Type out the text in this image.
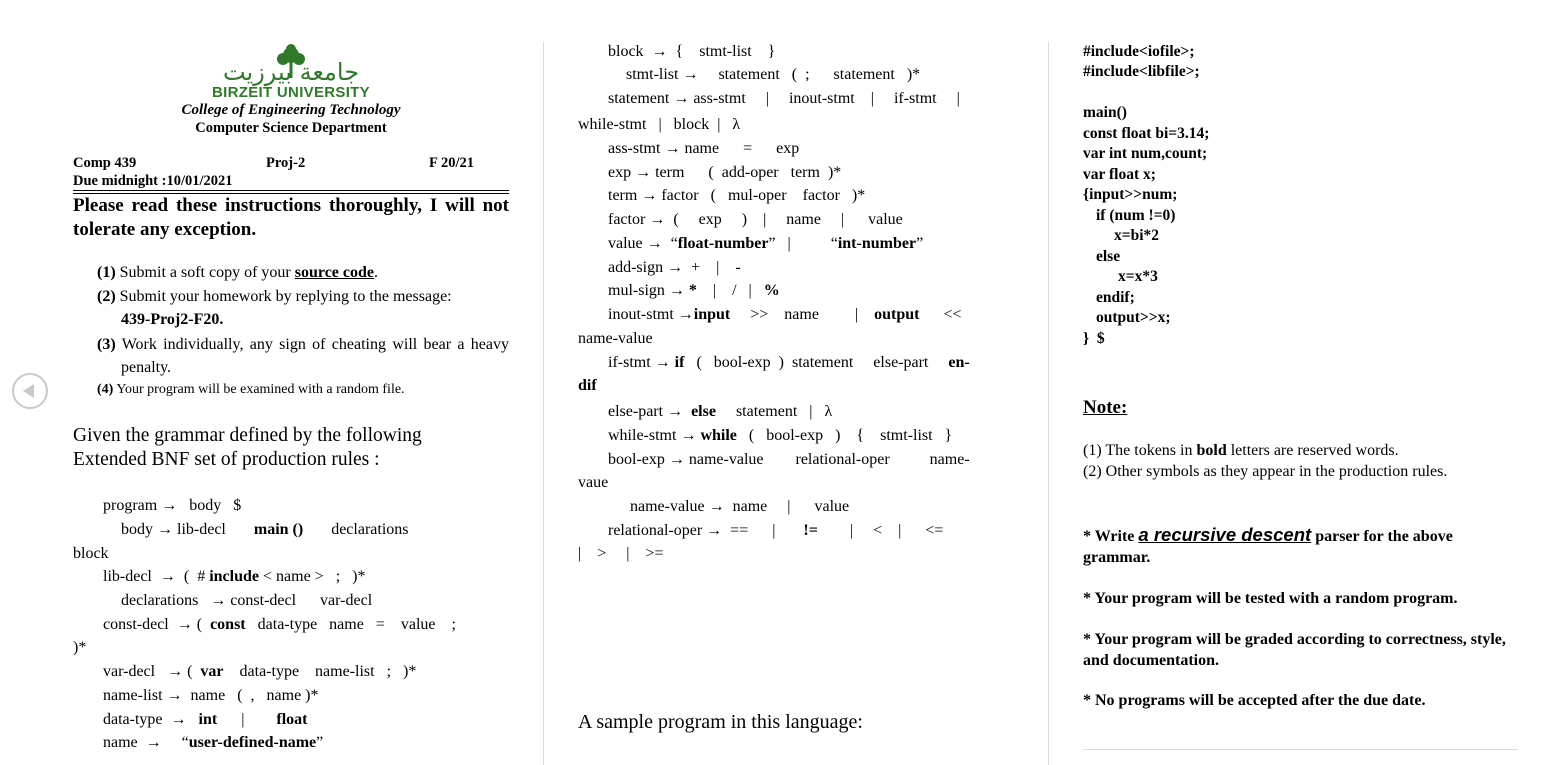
جامعة بيرزيت
BIRZEIT UNIVERSITY
College of Engineering Technology
Computer Science Department
Comp 439	Proj-2	F 20/21
Due midnight :10/01/2021
Please read these instructions thoroughly, I will not tolerate any exception.
(1) Submit a soft copy of your source code.
(2) Submit your homework by replying to the message:
439-Proj2-F20.
(3) Work individually, any sign of cheating will bear a heavy penalty.
(4) Your program will be examined with a random file.
Given the grammar defined by the following Extended BNF set of production rules :
program →   body   $
body → lib-decl       main ()       declarations
block
lib-decl  →  (  # include < name >   ;   )*
declarations   → const-decl      var-decl
const-decl  → (  const   data-type   name   =    value    ;
)*
var-decl   → (  var    data-type    name-list   ;   )*
name-list →  name   (  ,   name )*
data-type  → int      |        float
name  →     “user-defined-name”
block  →  {    stmt-list    }
stmt-list →     statement   (  ;      statement   )*
statement → ass-stmt     |     inout-stmt    |     if-stmt     |
while-stmt   |   block  |   λ
ass-stmt → name      =      exp
exp → term      (  add-oper   term  )*
term → factor   (   mul-oper    factor   )*
factor →  (     exp     )    |     name     |      value
value →  “float-number”   |          “int-number”
add-sign →  +    |    -
mul-sign → *    |    /   |   %
inout-stmt →input     >>    name         |    output      <<
name-value
if-stmt → if   (   bool-exp  )  statement     else-part     en-
dif
else-part → else     statement   |   λ
while-stmt → while   (   bool-exp   )    {    stmt-list   }
bool-exp → name-value        relational-oper          name-
vaue
name-value →  name     |      value
relational-oper →  ==      |       !=        |     <    |      <=
|    >     |    >=
A sample program in this language:
#include<iofile>;
#include<libfile>;
main()
const float bi=3.14;
var int num,count;
var float x;
{input>>num;
if (num !=0)
x=bi*2
else
x=x*3
endif;
output>>x;
}  $
Note:
(1) The tokens in bold letters are reserved words.
(2) Other symbols as they appear in the production rules.
* Write a recursive descent parser for the above grammar.
* Your program will be tested with a random program.
* Your program will be graded according to correctness, style, and documentation.
* No programs will be accepted after the due date.
